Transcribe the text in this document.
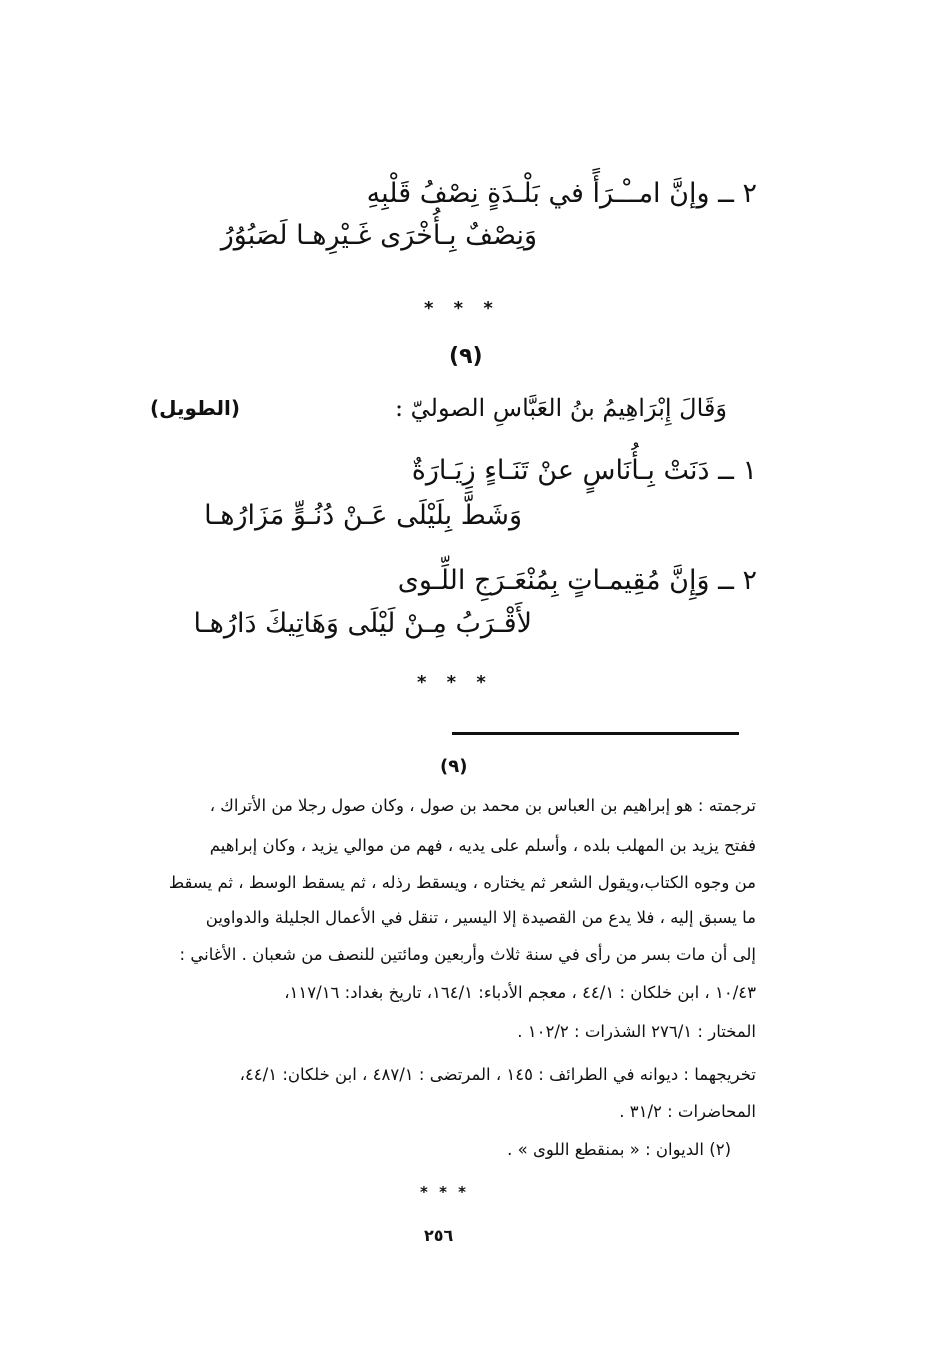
٢ ــ وإنَّ امــْـرَأً في بَلْـدَةٍ نِصْفُ قَلْبِهِ
وَنِصْفٌ بِـأُخْرَى غَـيْرِهـا لَصَبُوُرُ
* * *
(٩)
وَقَالَ إِبْرَاهِيمُ بنُ العَبَّاسِ الصوليّ :
(الطويل)
١ ــ دَنَتْ بِـأُنَاسٍ عنْ تَنَـاءٍ زِيَـارَةٌ
وَشَطَّ بِلَيْلَى عَـنْ دُنُـوٍّ مَزَارُهـا
٢ ــ وَإِنَّ مُقِيمـاتٍ بِمُنْعَـرَجِ اللِّـوى
لأَقْـرَبُ مِـنْ لَيْلَى وَهَاتِيكَ دَارُهـا
* * *
(٩)
ترجمته : هو إبراهيم بن العباس بن محمد بن صول ، وكان صول رجلا من الأتراك ،
ففتح يزيد بن المهلب بلده ، وأسلم على يديه ، فهم من موالي يزيد ، وكان إبراهيم
من وجوه الكتاب،ويقول الشعر ثم يختاره ، ويسقط رذله ، ثم يسقط الوسط ، ثم يسقط
ما يسبق إليه ، فلا يدع من القصيدة إلا اليسير ، تنقل في الأعمال الجليلة والدواوين
إلى أن مات بسر من رأى في سنة ثلاث وأربعين ومائتين للنصف من شعبان . الأغاني :
١٠/٤٣ ، ابن خلكان : ٤٤/١ ، معجم الأدباء: ١٦٤/١، تاريخ بغداد: ١١٧/١٦،
المختار : ٢٧٦/١ الشذرات : ١٠٢/٢ .
تخريجهما : ديوانه في الطرائف : ١٤٥ ، المرتضى : ٤٨٧/١ ، ابن خلكان: ٤٤/١،
المحاضرات : ٣١/٢ .
(٢) الديوان : « بمنقطع اللوى » .
* * *
٢٥٦
